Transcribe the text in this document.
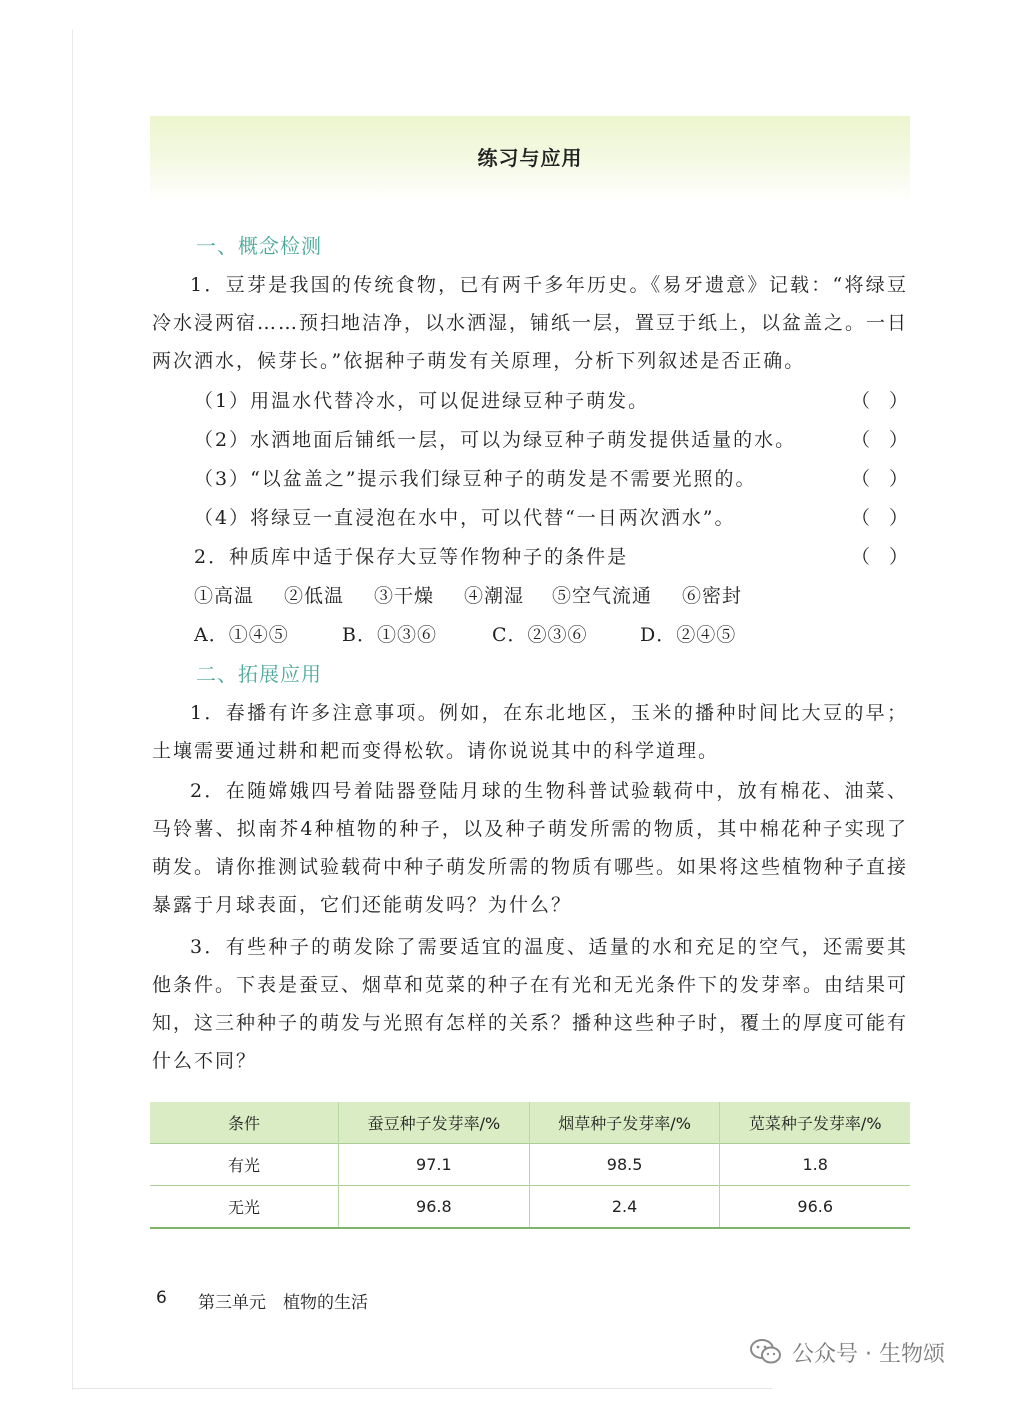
练习与应用
一、概念检测
1．豆芽是我国的传统食物，已有两千多年历史。《易牙遗意》记载：“将绿豆冷水浸两宿……预扫地洁净，以水洒湿，铺纸一层，置豆于纸上，以盆盖之。一日两次洒水，候芽长。”依据种子萌发有关原理，分析下列叙述是否正确。
（1）用温水代替冷水，可以促进绿豆种子萌发。	（　）
（2）水洒地面后铺纸一层，可以为绿豆种子萌发提供适量的水。	（　）
（3）“以盆盖之”提示我们绿豆种子的萌发是不需要光照的。	（　）
（4）将绿豆一直浸泡在水中，可以代替“一日两次洒水”。	（　）
2．种质库中适于保存大豆等作物种子的条件是	（　）
①高温 ②低温 ③干燥 ④潮湿 ⑤空气流通 ⑥密封
A．①④⑤	B．①③⑥	C．②③⑥	D．②④⑤
二、拓展应用
1．春播有许多注意事项。例如，在东北地区，玉米的播种时间比大豆的早；土壤需要通过耕和耙而变得松软。请你说说其中的科学道理。
2．在随嫦娥四号着陆器登陆月球的生物科普试验载荷中，放有棉花、油菜、马铃薯、拟南芥4种植物的种子，以及种子萌发所需的物质，其中棉花种子实现了萌发。请你推测试验载荷中种子萌发所需的物质有哪些。如果将这些植物种子直接暴露于月球表面，它们还能萌发吗？为什么？
3．有些种子的萌发除了需要适宜的温度、适量的水和充足的空气，还需要其他条件。下表是蚕豆、烟草和苋菜的种子在有光和无光条件下的发芽率。由结果可知，这三种种子的萌发与光照有怎样的关系？播种这些种子时，覆土的厚度可能有什么不同？
条件	蚕豆种子发芽率/%	烟草种子发芽率/%	苋菜种子发芽率/%
有光	97.1	98.5	1.8
无光	96.8	2.4	96.6
6 第三单元　植物的生活
公众号 · 生物颂
